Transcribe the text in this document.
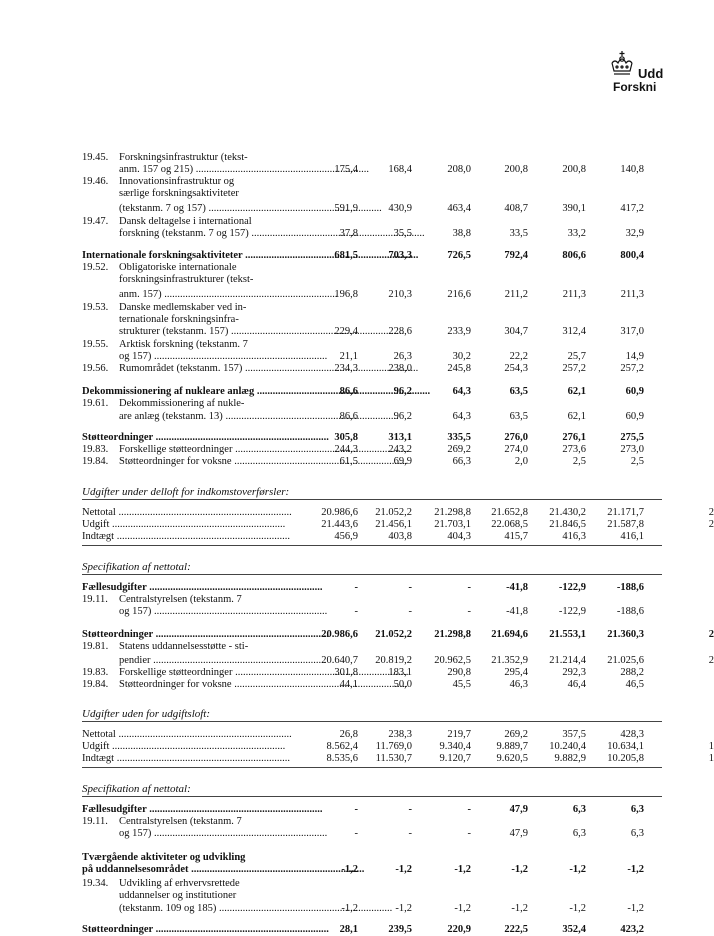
Udd
Forskni
Udgifter under delloft for indkomstoverførsler:
Specifikation af nettotal:
Udgifter uden for udgiftsloft:
Specifikation af nettotal:
19.45. Forskningsinfrastruktur (tekst-
anm. 157 og 215) .....	175,4	168,4	208,0	200,8	200,8	140,8
19.46. Innovationsinfrastruktur og
særlige forskningsaktiviteter
(tekstanm. 7 og 157) .....	591,9	430,9	463,4	408,7	390,1	417,2
19.47. Dansk deltagelse i international
forskning (tekstanm. 7 og 157) .....	37,8	35,5	38,8	33,5	33,2	32,9
Internationale forskningsaktiviteter .....	681,5	703,3	726,5	792,4	806,6	800,4
19.52. Obligatoriske internationale
forskningsinfrastrukturer (tekst-
anm. 157) .....	196,8	210,3	216,6	211,2	211,3	211,3
19.53. Danske medlemskaber ved in-
ternationale forskningsinfra-
strukturer (tekstanm. 157) .....	229,4	228,6	233,9	304,7	312,4	317,0
19.55. Arktisk forskning (tekstanm. 7
og 157) .....	21,1	26,3	30,2	22,2	25,7	14,9
19.56. Rumområdet (tekstanm. 157) .....	234,3	238,0	245,8	254,3	257,2	257,2
Dekommissionering af nukleare anlæg .....	86,6	96,2	64,3	63,5	62,1	60,9
19.61. Dekommissionering af nukle-
are anlæg (tekstanm. 13) .....	86,6	96,2	64,3	63,5	62,1	60,9
Støtteordninger .....	305,8	313,1	335,5	276,0	276,1	275,5
19.83. Forskellige støtteordninger .....	244,3	243,2	269,2	274,0	273,6	273,0
19.84. Støtteordninger for voksne .....	61,5	69,9	66,3	2,0	2,5	2,5
Nettotal .....	20.986,6	21.052,2	21.298,8	21.652,8	21.430,2	21.171,7	2
Udgift .....	21.443,6	21.456,1	21.703,1	22.068,5	21.846,5	21.587,8	2
Indtægt .....	456,9	403,8	404,3	415,7	416,3	416,1
Fællesudgifter .....	-	-	-	-41,8	-122,9	-188,6
19.11. Centralstyrelsen (tekstanm. 7
og 157) .....	-	-	-	-41,8	-122,9	-188,6
Støtteordninger .....	20.986,6	21.052,2	21.298,8	21.694,6	21.553,1	21.360,3	2
19.81. Statens uddannelsesstøtte - sti-
pendier .....	20.640,7	20.819,2	20.962,5	21.352,9	21.214,4	21.025,6	2
19.83. Forskellige støtteordninger .....	301,8	183,1	290,8	295,4	292,3	288,2
19.84. Støtteordninger for voksne .....	44,1	50,0	45,5	46,3	46,4	46,5
Nettotal .....	26,8	238,3	219,7	269,2	357,5	428,3
Udgift .....	8.562,4	11.769,0	9.340,4	9.889,7	10.240,4	10.634,1	1
Indtægt .....	8.535,6	11.530,7	9.120,7	9.620,5	9.882,9	10.205,8	1
Fællesudgifter .....	-	-	-	47,9	6,3	6,3
19.11. Centralstyrelsen (tekstanm. 7
og 157) .....	-	-	-	47,9	6,3	6,3
Tværgående aktiviteter og udvikling
på uddannelsesområdet .....	-1,2	-1,2	-1,2	-1,2	-1,2	-1,2
19.34. Udvikling af erhvervsrettede
uddannelser og institutioner
(tekstanm. 109 og 185) .....	-1,2	-1,2	-1,2	-1,2	-1,2	-1,2
Støtteordninger .....	28,1	239,5	220,9	222,5	352,4	423,2
